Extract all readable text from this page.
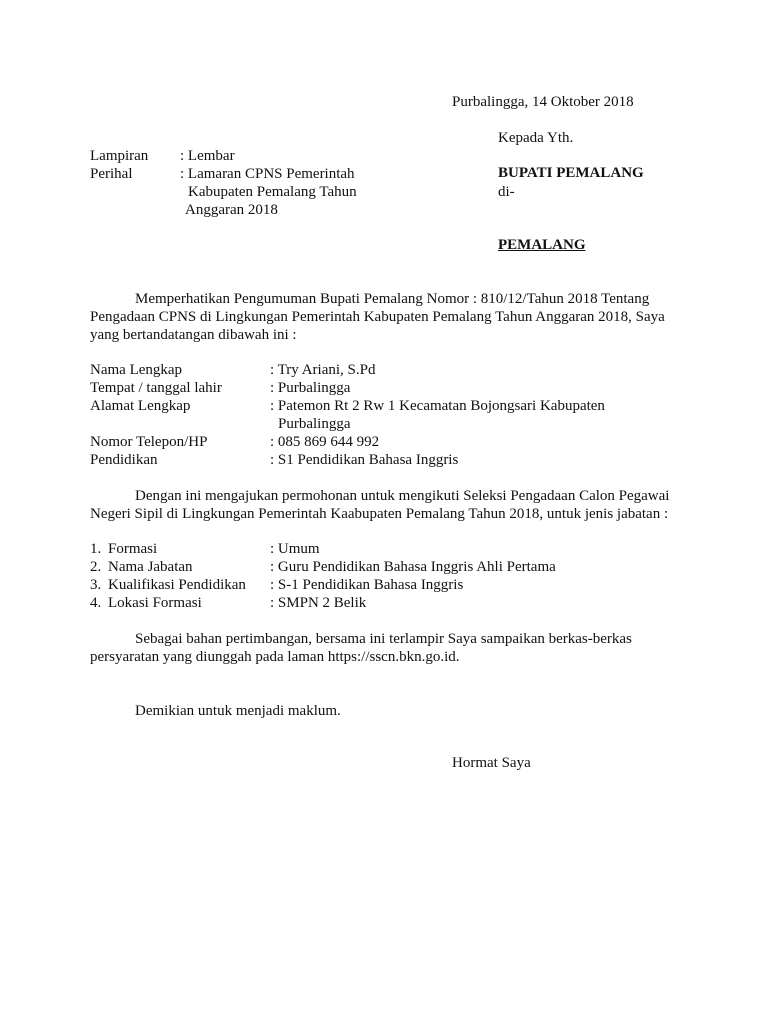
Purbalingga, 14 Oktober 2018
Kepada Yth.
BUPATI PEMALANG
di-
PEMALANG
Lampiran : Lembar
Perihal	: Lamaran CPNS Pemerintah
Kabupaten Pemalang Tahun
Anggaran 2018
Memperhatikan Pengumuman Bupati Pemalang Nomor : 810/12/Tahun 2018 Tentang
Pengadaan CPNS di Lingkungan Pemerintah Kabupaten Pemalang Tahun Anggaran 2018, Saya
yang bertandatangan dibawah ini :
Nama Lengkap	: Try Ariani, S.Pd
Tempat / tanggal lahir	: Purbalingga
Alamat Lengkap	: Patemon Rt 2 Rw 1 Kecamatan Bojongsari Kabupaten
Purbalingga
Nomor Telepon/HP	: 085 869 644 992
Pendidikan	: S1 Pendidikan Bahasa Inggris
Dengan ini mengajukan permohonan untuk mengikuti Seleksi Pengadaan Calon Pegawai
Negeri Sipil di Lingkungan Pemerintah Kaabupaten Pemalang Tahun 2018, untuk jenis jabatan :
1. Formasi	: Umum
2. Nama Jabatan	: Guru Pendidikan Bahasa Inggris Ahli Pertama
3. Kualifikasi Pendidikan : S-1 Pendidikan Bahasa Inggris
4. Lokasi Formasi	: SMPN 2 Belik
Sebagai bahan pertimbangan, bersama ini terlampir Saya sampaikan berkas-berkas
persyaratan yang diunggah pada laman https://sscn.bkn.go.id.
Demikian untuk menjadi maklum.
Hormat Saya
